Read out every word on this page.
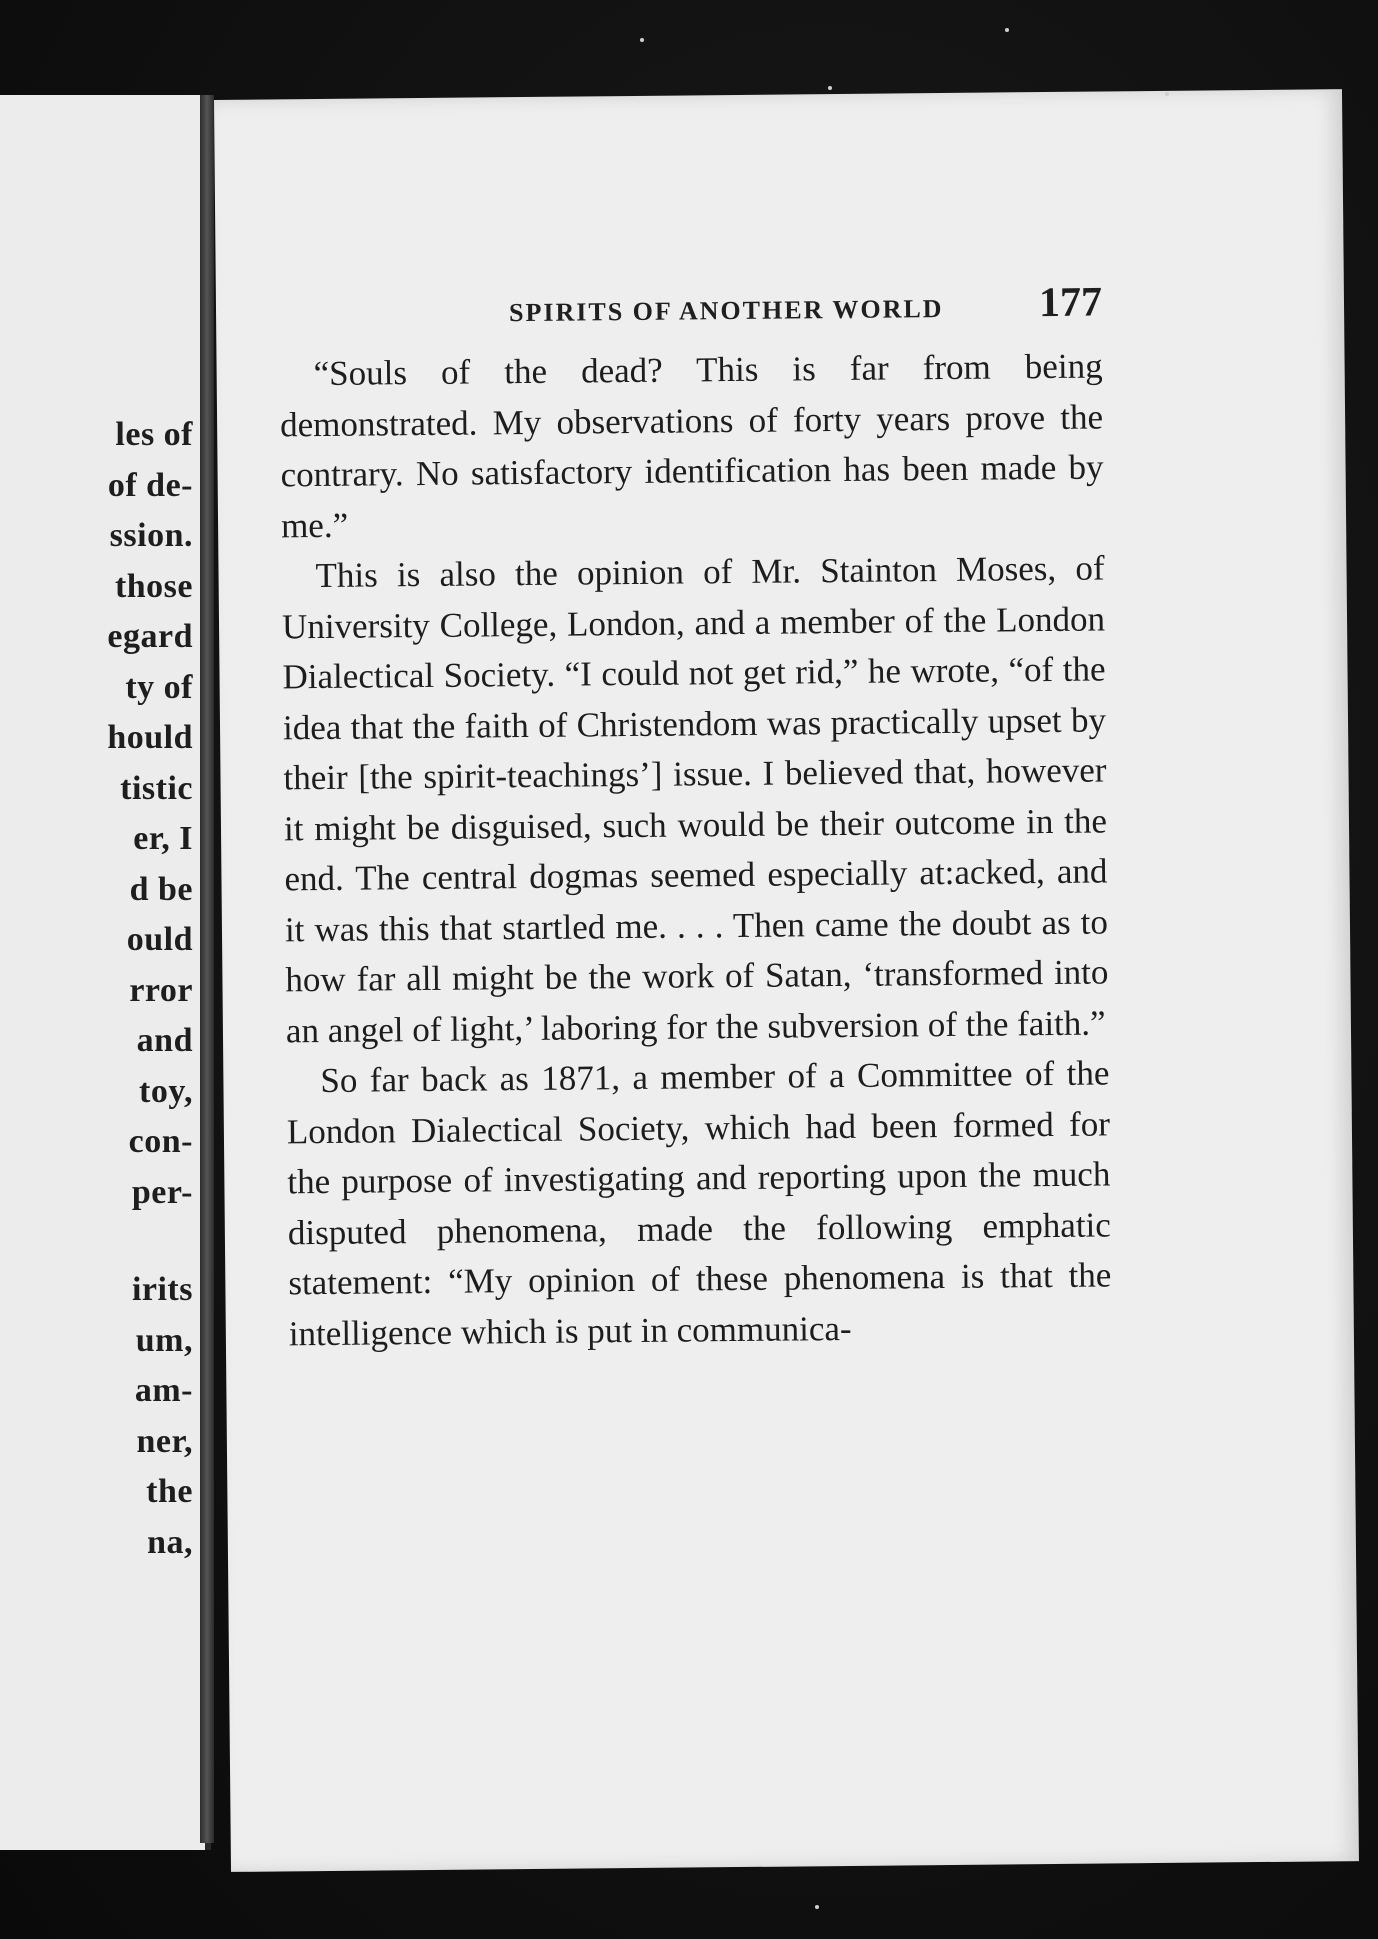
les of
of de-
ssion.
those
egard
ty of
hould
tistic
er, I
d be
ould
rror
and
toy,
con-
per-
irits
um,
am-
ner,
the
na,
SPIRITS OF ANOTHER WORLD 177

“Souls of the dead? This is far from being demonstrated. My observations of forty years prove the contrary. No satisfactory identification has been made by me.”

This is also the opinion of Mr. Stainton Moses, of University College, London, and a member of the London Dialectical Society. “I could not get rid,” he wrote, “of the idea that the faith of Christendom was practically upset by their [the spirit-teachings’] issue. I believed that, however it might be disguised, such would be their outcome in the end. The central dogmas seemed especially at:acked, and it was this that startled me. . . . Then came the doubt as to how far all might be the work of Satan, ‘transformed into an angel of light,’ laboring for the subversion of the faith.”

So far back as 1871, a member of a Committee of the London Dialectical Society, which had been formed for the purpose of investigating and reporting upon the much disputed phenomena, made the following emphatic statement: “My opinion of these phenomena is that the intelligence which is put in communica-
